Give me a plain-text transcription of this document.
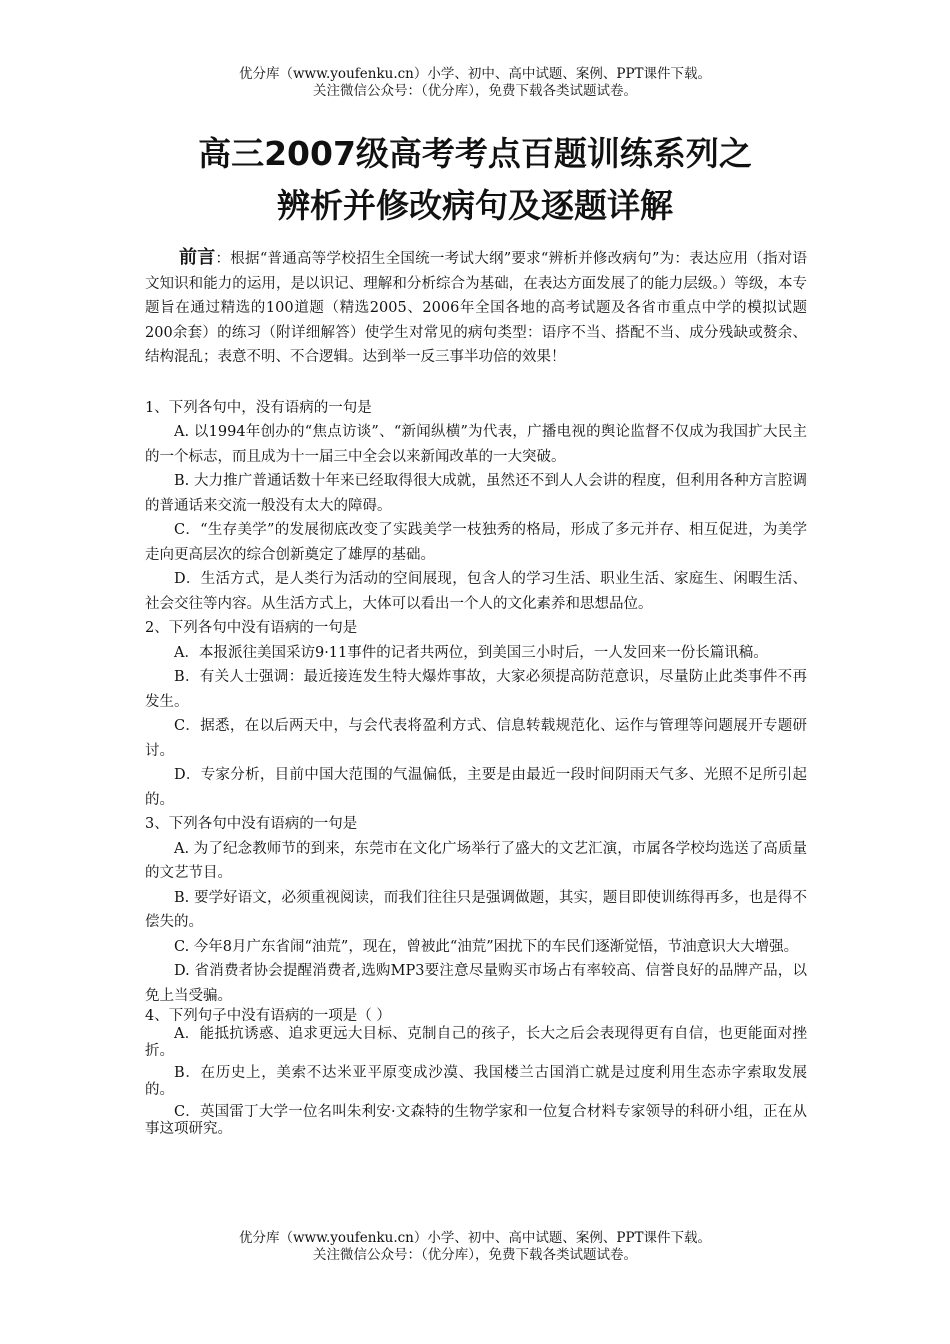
优分库（www.youfenku.cn）小学、初中、高中试题、案例、PPT课件下载。
关注微信公众号：（优分库），免费下载各类试题试卷。
高三2007级高考考点百题训练系列之
辨析并修改病句及逐题详解

前言：根据“普通高等学校招生全国统一考试大纲”要求“辨析并修改病句”为：表达应用（指对语文知识和能力的运用，是以识记、理解和分析综合为基础，在表达方面发展了的能力层级。）等级，本专题旨在通过精选的100道题（精选2005、2006年全国各地的高考试题及各省市重点中学的模拟试题200余套）的练习（附详细解答）使学生对常见的病句类型：语序不当、搭配不当、成分残缺或赘余、结构混乱；表意不明、不合逻辑。达到举一反三事半功倍的效果！

1、下列各句中，没有语病的一句是

A. 以1994年创办的“焦点访谈”、“新闻纵横”为代表，广播电视的舆论监督不仅成为我国扩大民主的一个标志，而且成为十一届三中全会以来新闻改革的一大突破。

B. 大力推广普通话数十年来已经取得很大成就，虽然还不到人人会讲的程度，但利用各种方言腔调的普通话来交流一般没有太大的障碍。

C．“生存美学”的发展彻底改变了实践美学一枝独秀的格局，形成了多元并存、相互促进，为美学走向更高层次的综合创新奠定了雄厚的基础。

D．生活方式，是人类行为活动的空间展现，包含人的学习生活、职业生活、家庭生、闲暇生活、社会交往等内容。从生活方式上，大体可以看出一个人的文化素养和思想品位。

2、下列各句中没有语病的一句是

A．本报派往美国采访9·11事件的记者共两位，到美国三小时后，一人发回来一份长篇讯稿。

B．有关人士强调：最近接连发生特大爆炸事故，大家必须提高防范意识，尽量防止此类事件不再发生。

C．据悉，在以后两天中，与会代表将盈利方式、信息转载规范化、运作与管理等问题展开专题研讨。

D．专家分析，目前中国大范围的气温偏低，主要是由最近一段时间阴雨天气多、光照不足所引起的。

3、下列各句中没有语病的一句是

A. 为了纪念教师节的到来，东莞市在文化广场举行了盛大的文艺汇演，市属各学校均选送了高质量的文艺节目。

B. 要学好语文，必须重视阅读，而我们往往只是强调做题，其实，题目即使训练得再多，也是得不偿失的。

C. 今年8月广东省闹“油荒”，现在，曾被此“油荒”困扰下的车民们逐渐觉悟，节油意识大大增强。

D. 省消费者协会提醒消费者,选购MP3要注意尽量购买市场占有率较高、信誉良好的品牌产品，以免上当受骗。

4、下列句子中没有语病的一项是（ ）

A．能抵抗诱惑、追求更远大目标、克制自己的孩子，长大之后会表现得更有自信，也更能面对挫折。

B．在历史上，美索不达米亚平原变成沙漠、我国楼兰古国消亡就是过度利用生态赤字索取发展的。

C．英国雷丁大学一位名叫朱利安·文森特的生物学家和一位复合材料专家领导的科研小组，正在从事这项研究。

优分库（www.youfenku.cn）小学、初中、高中试题、案例、PPT课件下载。
关注微信公众号：（优分库），免费下载各类试题试卷。
